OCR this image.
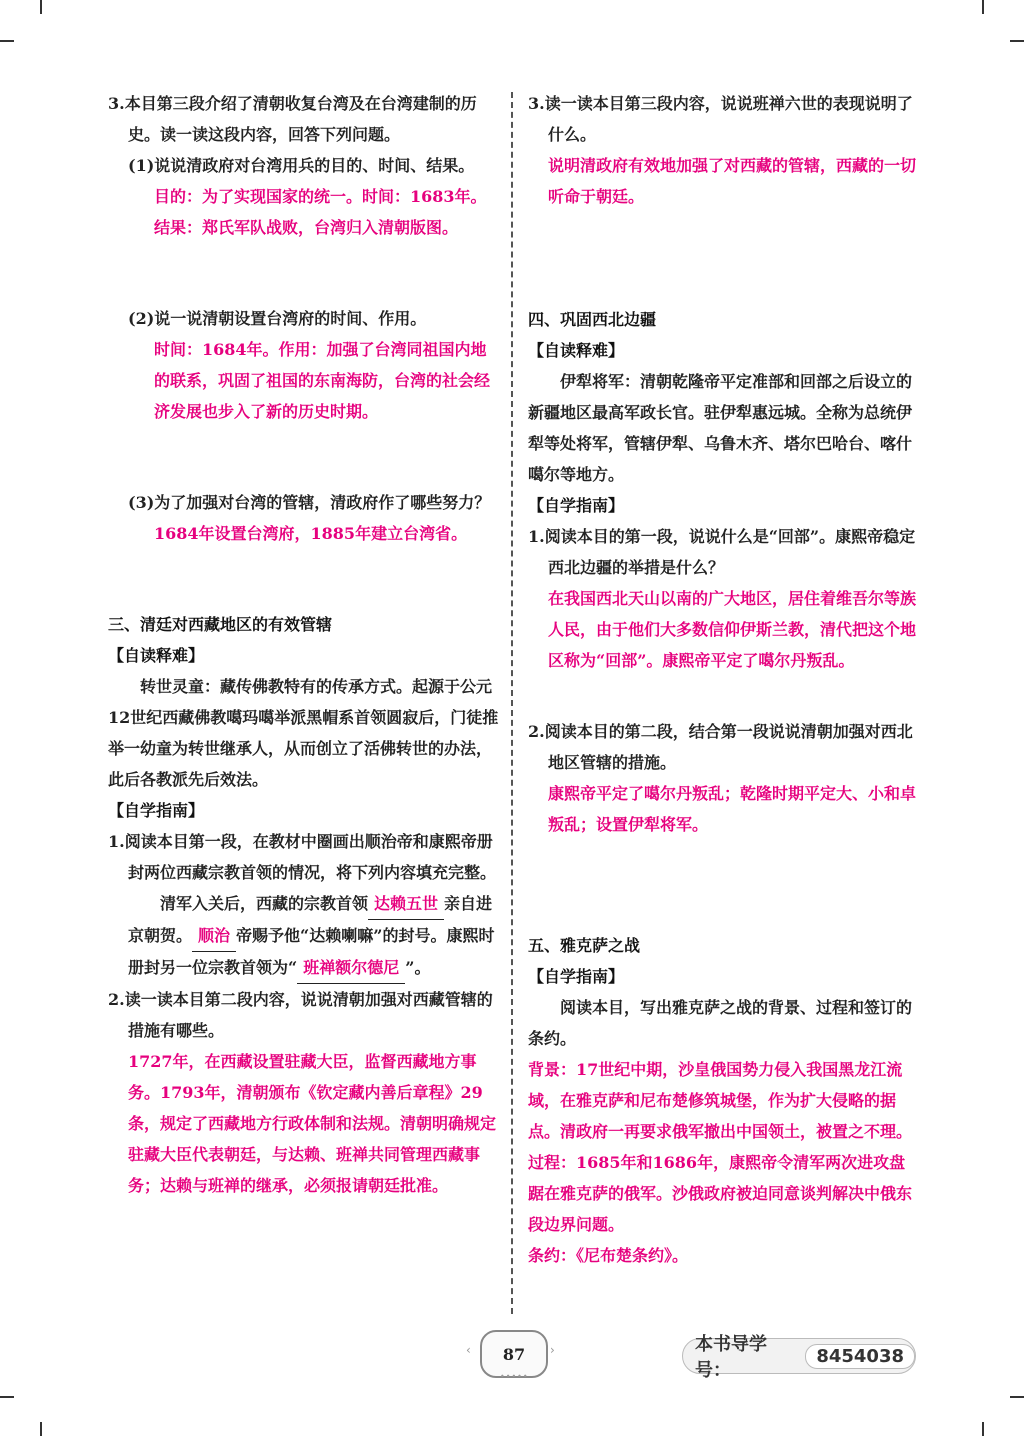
3.本目第三段介绍了清朝收复台湾及在台湾建制的历史。读一读这段内容，回答下列问题。

(1)说说清政府对台湾用兵的目的、时间、结果。

目的：为了实现国家的统一。时间：1683年。结果：郑氏军队战败，台湾归入清朝版图。

(2)说一说清朝设置台湾府的时间、作用。

时间：1684年。作用：加强了台湾同祖国内地的联系，巩固了祖国的东南海防，台湾的社会经济发展也步入了新的历史时期。

(3)为了加强对台湾的管辖，清政府作了哪些努力？

1684年设置台湾府，1885年建立台湾省。

三、清廷对西藏地区的有效管辖

【自读释难】

转世灵童：藏传佛教特有的传承方式。起源于公元12世纪西藏佛教噶玛噶举派黑帽系首领圆寂后，门徒推举一幼童为转世继承人，从而创立了活佛转世的办法，此后各教派先后效法。

【自学指南】

1.阅读本目第一段，在教材中圈画出顺治帝和康熙帝册封两位西藏宗教首领的情况，将下列内容填充完整。

清军入关后，西藏的宗教首领 达赖五世 亲自进京朝贺。 顺治 帝赐予他“达赖喇嘛”的封号。康熙时册封另一位宗教首领为“ 班禅额尔德尼 ”。

2.读一读本目第二段内容，说说清朝加强对西藏管辖的措施有哪些。

1727年，在西藏设置驻藏大臣，监督西藏地方事务。1793年，清朝颁布《钦定藏内善后章程》29条，规定了西藏地方行政体制和法规。清朝明确规定驻藏大臣代表朝廷，与达赖、班禅共同管理西藏事务；达赖与班禅的继承，必须报请朝廷批准。

3.读一读本目第三段内容，说说班禅六世的表现说明了什么。

说明清政府有效地加强了对西藏的管辖，西藏的一切听命于朝廷。

四、巩固西北边疆

【自读释难】

伊犁将军：清朝乾隆帝平定准部和回部之后设立的新疆地区最高军政长官。驻伊犁惠远城。全称为总统伊犁等处将军，管辖伊犁、乌鲁木齐、塔尔巴哈台、喀什噶尔等地方。

【自学指南】

1.阅读本目的第一段，说说什么是“回部”。康熙帝稳定西北边疆的举措是什么？

在我国西北天山以南的广大地区，居住着维吾尔等族人民，由于他们大多数信仰伊斯兰教，清代把这个地区称为“回部”。康熙帝平定了噶尔丹叛乱。

2.阅读本目的第二段，结合第一段说说清朝加强对西北地区管辖的措施。

康熙帝平定了噶尔丹叛乱；乾隆时期平定大、小和卓叛乱；设置伊犁将军。

五、雅克萨之战

【自学指南】

阅读本目，写出雅克萨之战的背景、过程和签订的条约。

背景：17世纪中期，沙皇俄国势力侵入我国黑龙江流域，在雅克萨和尼布楚修筑城堡，作为扩大侵略的据点。清政府一再要求俄军撤出中国领土，被置之不理。

过程：1685年和1686年，康熙帝令清军两次进攻盘踞在雅克萨的俄军。沙俄政府被迫同意谈判解决中俄东段边界问题。

条约：《尼布楚条约》。

‹	87	›
•••••
本书导学号：
8454038
